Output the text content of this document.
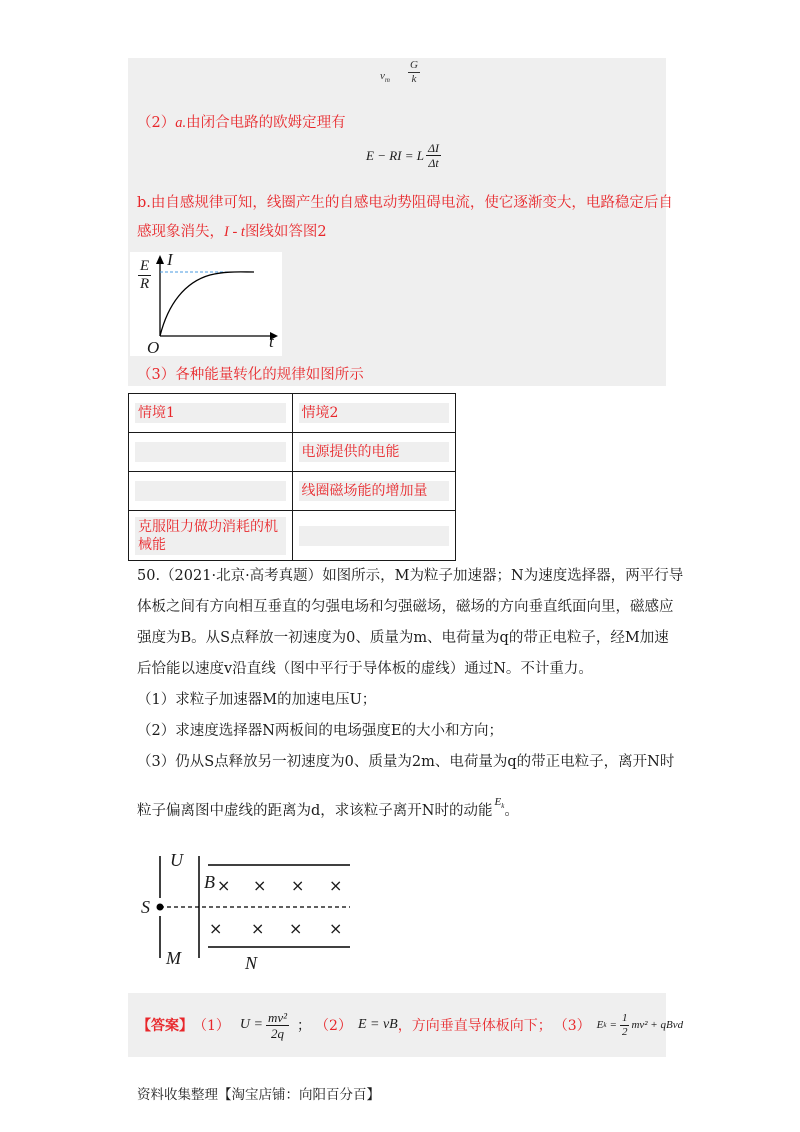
$v_m \frac{G}{k}$
（2）a.由闭合电路的欧姆定理有
E − RI = L $\frac{\Delta I}{\Delta t}$
b.由自感规律可知，线圈产生的自感电动势阻碍电流，使它逐渐变大，电路稳定后自
感现象消失，I - t图线如答图2
I
t
O
$\frac{E}{R}$
（3）各种能量转化的规律如图所示
情境1	情境2

	电源提供的电能

	线圈磁场能的增加量

克服阻力做功消耗的机械能	

50.（2021·北京·高考真题）如图所示，M为粒子加速器；N为速度选择器，两平行导
体板之间有方向相互垂直的匀强电场和匀强磁场，磁场的方向垂直纸面向里，磁感应
强度为B。从S点释放一初速度为0、质量为m、电荷量为q的带正电粒子，经M加速
后恰能以速度v沿直线（图中平行于导体板的虚线）通过N。不计重力。
（1）求粒子加速器M的加速电压U；
（2）求速度选择器N两板间的电场强度E的大小和方向；
（3）仍从S点释放另一初速度为0、质量为2m、电荷量为q的带正电粒子，离开N时
粒子偏离图中虚线的距离为d，求该粒子离开N时的动能$^{E_k}$。
U
S
M	N
B × × × ×
× × × ×
【答案】 （1） $U = \frac{\text{mv²}}{2q}$ ； （2） E = vB ，方向垂直导体板向下； （3） E $k = \frac{1}{2} mv^2$ + qBvd
资料收集整理【淘宝店铺：向阳百分百】
